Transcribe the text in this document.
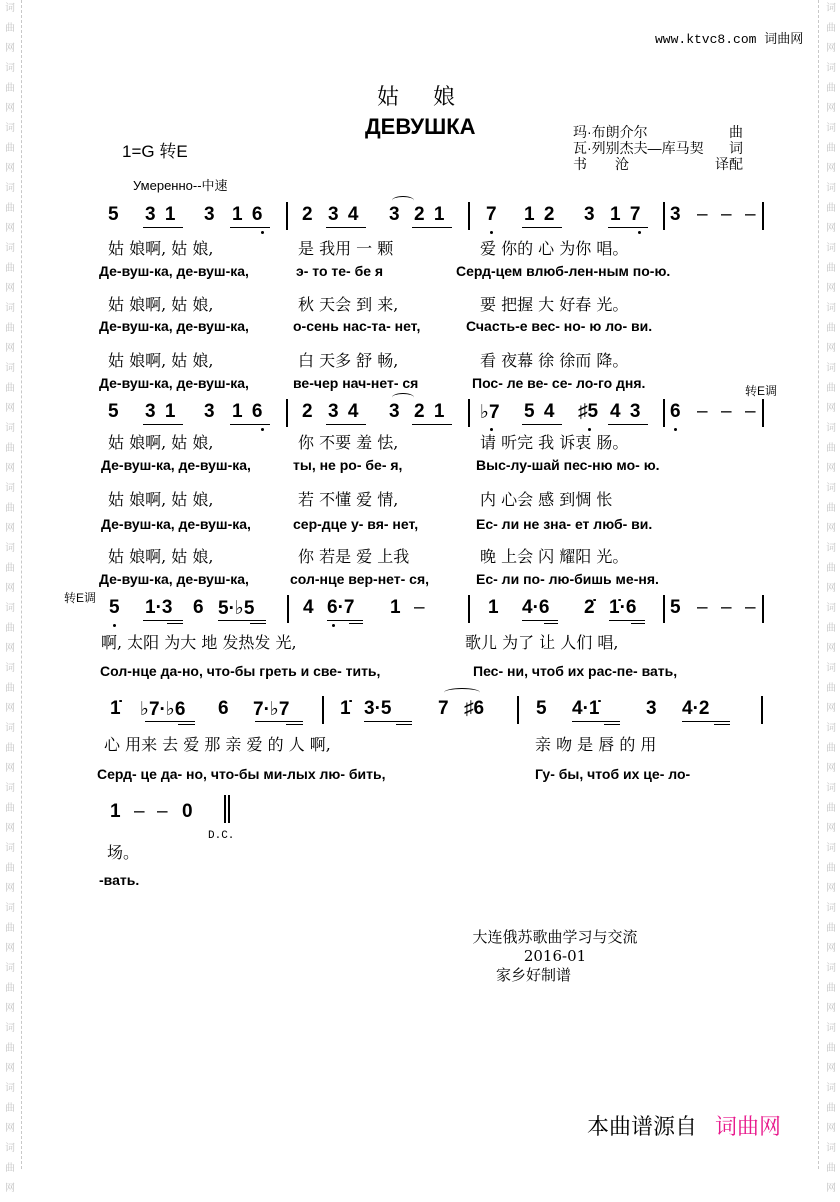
词
曲
网
词
曲
网
词
曲
网
词
曲
网
词
曲
网
词
曲
网
词
曲
网
词
曲
网
词
曲
网
词
曲
网
词
曲
网
词
曲
网
词
曲
网
词
曲
网
词
曲
网
词
曲
网
词
曲
网
词
曲
网
词
曲
网
词
曲
网
词
曲
网
词
曲
网
词
曲
网
词
曲
网
词
曲
网
词
曲
网
词
曲
网
词
曲
网
词
曲
网
词
曲
网
词
曲
网
词
曲
网
词
曲
网
词
曲
网
词
曲
网
词
曲
网
词
曲
网
词
曲
网
词
曲
网
词
曲
网
www.ktvc8.com 词曲网
姑娘
ДЕВУШКА
1=G 转E
Умеренно--中速
玛·布朗介尔	曲
瓦·列别杰夫—库马契 词
书　　沧	译配
5 3 1 3 1 6 2 3 4 3 2 1 7 1 2 3 1 7 3 – – –
姑 娘啊, 姑 娘,	是 我用 一 颗	爱 你的 心 为你 唱。
Де-вуш-ка, де-вуш-ка,	э- то те- бе я	Серд-цем влюб-лен-ным по-ю.
姑 娘啊, 姑 娘,	秋 天会 到 来,	要 把握 大 好春 光。
Де-вуш-ка, де-вуш-ка,	о-сень нас-та- нет,	Счасть-е вес- но- ю ло- ви.
姑 娘啊, 姑 娘,	白 天多 舒 畅,	看 夜幕 徐 徐而 降。
Де-вуш-ка, де-вуш-ка,	ве-чер нач-нет- ся	Пос- ле ве- се- ло-го дня.	转E调
5 3 1 3 1 6 2 3 4 3 2 1 ♭7 5 4 ♯5 4 3 6 – – –
姑 娘啊, 姑 娘,	你 不要 羞 怯,	请 听完 我 诉衷 肠。
Де-вуш-ка, де-вуш-ка,	ты, не ро- бе- я,	Выс-лу-шай пес-ню мо- ю.
姑 娘啊, 姑 娘,	若 不懂 爱 情,	内 心会 感 到惆 怅
Де-вуш-ка, де-вуш-ка,	сер-дце у- вя- нет,	Ес- ли не зна- ет люб- ви.
姑 娘啊, 姑 娘,	你 若是 爱 上我	晚 上会 闪 耀阳 光。
Де-вуш-ка, де-вуш-ка,	сол-нце вер-нет- ся,	Ес- ли по- лю-бишь ме-ня.
转E调 5 1·3 6 5·♭5	4 6·7 1 –	1 4·6 2̇ 1̇·6 5 – – –
啊, 太阳 为大 地 发热发 光,	歌儿 为了 让 人们 唱,
Сол-нце да-но, что-бы греть и све- тить,	Пес- ни, чтоб их рас-пе- вать,
1̇ ♭7·♭6 6 7·♭7	1̇ 3·5 7 ♯6	5 4·1̇ 3 4·2
心 用来 去 爱 那 亲 爱 的 人 啊,	亲 吻 是 唇 的 用
Серд- це да- но, что-бы ми-лых лю- бить,	Гу- бы, чтоб их це- ло-
1 – – 0
D.C.
场。
-вать.
大连俄苏歌曲学习与交流
2016-01
家乡好制谱
本曲谱源自 词曲网
